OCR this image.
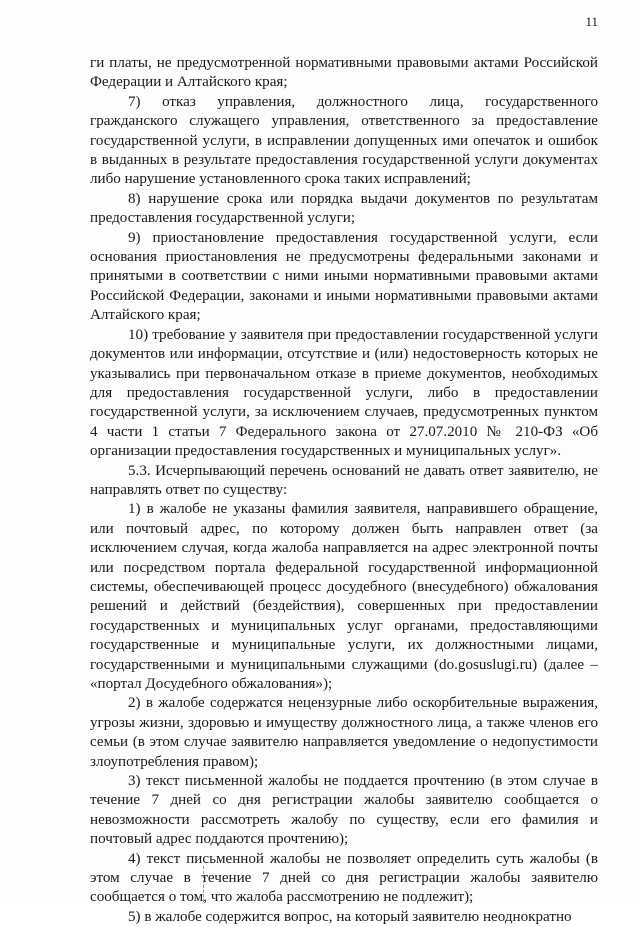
11

ги платы, не предусмотренной нормативными правовыми актами Российской Федерации и Алтайского края;

7) отказ управления, должностного лица, государственного гражданского служащего управления, ответственного за предоставление государственной услуги, в исправлении допущенных ими опечаток и ошибок в выданных в результате предоставления государственной услуги документах либо нарушение установленного срока таких исправлений;

8) нарушение срока или порядка выдачи документов по результатам предоставления государственной услуги;

9) приостановление предоставления государственной услуги, если основания приостановления не предусмотрены федеральными законами и принятыми в соответствии с ними иными нормативными правовыми актами Российской Федерации, законами и иными нормативными правовыми актами Алтайского края;

10) требование у заявителя при предоставлении государственной услуги документов или информации, отсутствие и (или) недостоверность которых не указывались при первоначальном отказе в приеме документов, необходимых для предоставления государственной услуги, либо в предоставлении государственной услуги, за исключением случаев, предусмотренных пунктом 4 части 1 статьи 7 Федерального закона от 27.07.2010 № 210-ФЗ «Об организации предоставления государственных и муниципальных услуг».

5.3. Исчерпывающий перечень оснований не давать ответ заявителю, не направлять ответ по существу:

1) в жалобе не указаны фамилия заявителя, направившего обращение, или почтовый адрес, по которому должен быть направлен ответ (за исключением случая, когда жалоба направляется на адрес электронной почты или посредством портала федеральной государственной информационной системы, обеспечивающей процесс досудебного (внесудебного) обжалования решений и действий (бездействия), совершенных при предоставлении государственных и муниципальных услуг органами, предоставляющими государственные и муниципальные услуги, их должностными лицами, государственными и муниципальными служащими (do.gosuslugi.ru) (далее – «портал Досудебного обжалования»);

2) в жалобе содержатся нецензурные либо оскорбительные выражения, угрозы жизни, здоровью и имуществу должностного лица, а также членов его семьи (в этом случае заявителю направляется уведомление о недопустимости злоупотребления правом);

3) текст письменной жалобы не поддается прочтению (в этом случае в течение 7 дней со дня регистрации жалобы заявителю сообщается о невозможности рассмотреть жалобу по существу, если его фамилия и почтовый адрес поддаются прочтению);

4) текст письменной жалобы не позволяет определить суть жалобы (в этом случае в течение 7 дней со дня регистрации жалобы заявителю сообщается о том, что жалоба рассмотрению не подлежит);

5) в жалобе содержится вопрос, на который заявителю неоднократно
